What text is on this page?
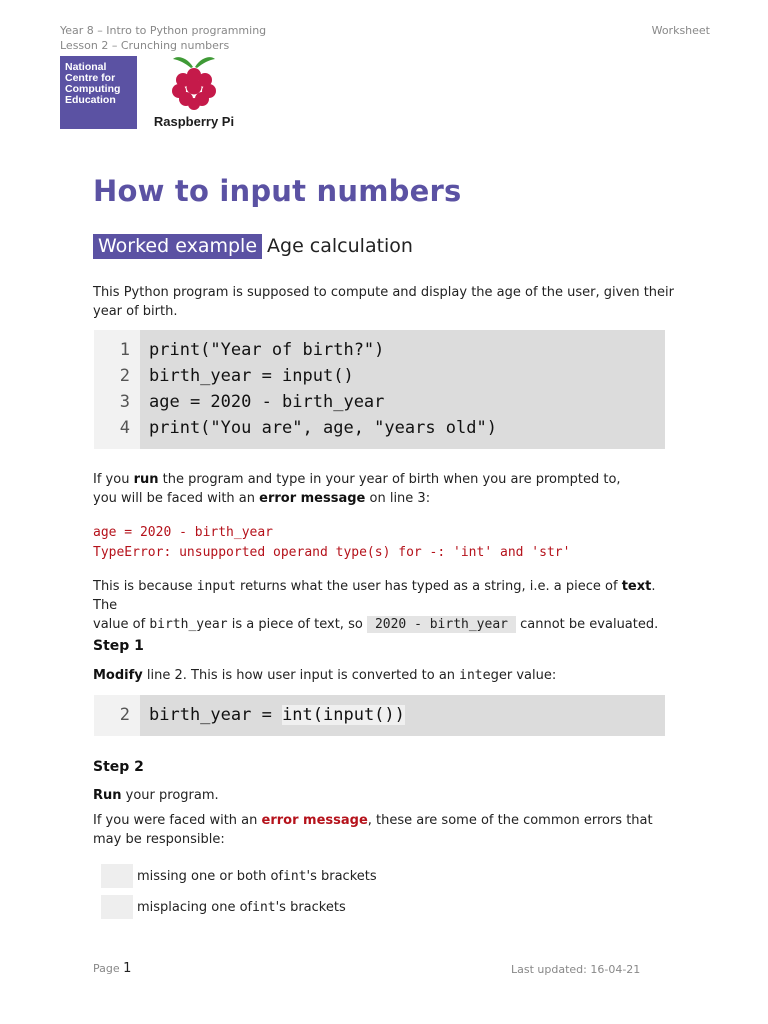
Year 8 – Intro to Python programming
Lesson 2 – Crunching numbers
Worksheet
National
Centre for
Computing
Education
Raspberry Pi
How to input numbers
Worked example Age calculation
This Python program is supposed to compute and display the age of the user, given their year of birth.
1	print("Year of birth?")
2	birth_year = input()
3	age = 2020 - birth_year
4	print("You are", age, "years old")
If you run the program and type in your year of birth when you are prompted to,
you will be faced with an error message on line 3:
age = 2020 - birth_year
TypeError: unsupported operand type(s) for -: 'int' and 'str'
This is because input returns what the user has typed as a string, i.e. a piece of text. The
value of birth_year is a piece of text, so 2020 - birth_year cannot be evaluated.
Step 1
Modify line 2. This is how user input is converted to an integer value:
2	birth_year = int(input())
Step 2
Run your program.
If you were faced with an error message, these are some of the common errors that
may be responsible:
missing one or both of int 's brackets
misplacing one of int 's brackets
Page 1	Last updated: 16-04-21
